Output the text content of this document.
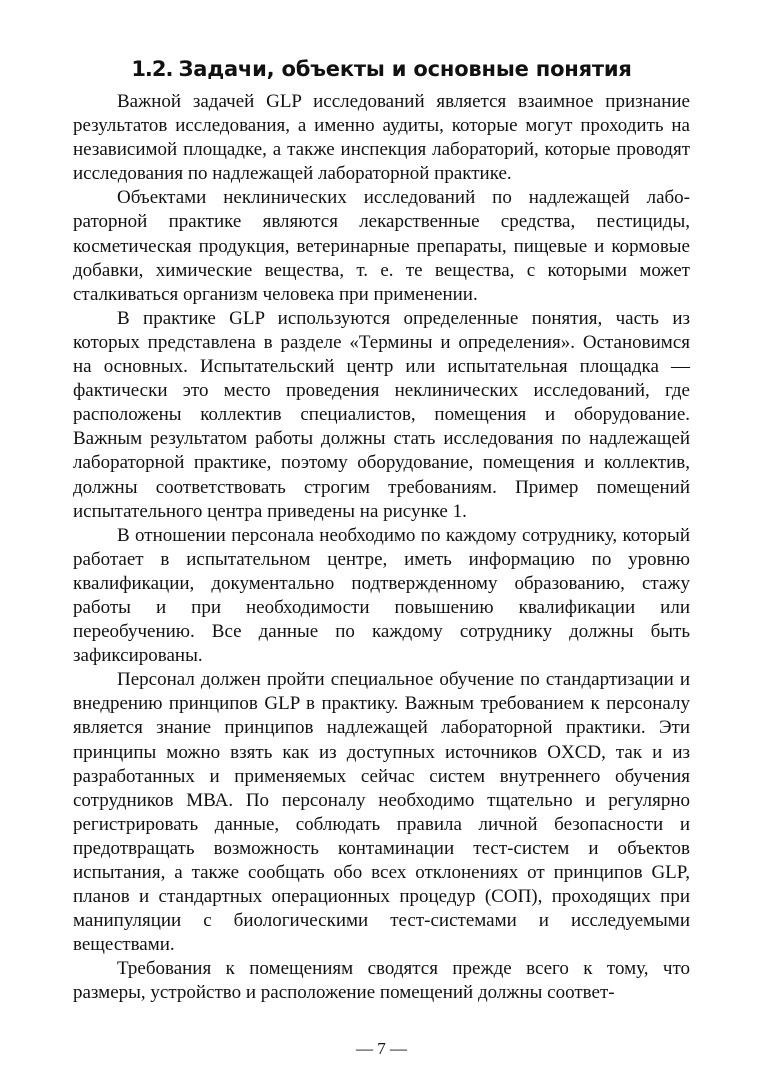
1.2. Задачи, объекты и основные понятия

Важной задачей GLP исследований является взаимное признание результатов исследования, а именно аудиты, которые могут проходить на независимой площадке, а также инспекция лабораторий, которые проводят исследования по надлежащей лабораторной практике.

Объектами неклинических исследований по надлежащей лабораторной практике являются лекарственные средства, пестициды, косметическая продукция, ветеринарные препараты, пищевые и кормовые добавки, химические вещества, т. е. те вещества, с которыми может сталкиваться организм человека при применении.

В практике GLP используются определенные понятия, часть из которых представлена в разделе «Термины и определения». Остановимся на основных. Испытательский центр или испытательная площадка — фактически это место проведения неклинических исследований, где расположены коллектив специалистов, помещения и оборудование. Важным результатом работы должны стать исследования по надлежащей лабораторной практике, поэтому оборудование, помещения и коллектив, должны соответствовать строгим требованиям. Пример помещений испытательного центра приведены на рисунке 1.

В отношении персонала необходимо по каждому сотруднику, который работает в испытательном центре, иметь информацию по уровню квалификации, документально подтвержденному образованию, стажу работы и при необходимости повышению квалификации или переобучению. Все данные по каждому сотруднику должны быть зафиксированы.

Персонал должен пройти специальное обучение по стандартизации и внедрению принципов GLP в практику. Важным требованием к персоналу является знание принципов надлежащей лабораторной практики. Эти принципы можно взять как из доступных источников OXCD, так и из разработанных и применяемых сейчас систем внутреннего обучения сотрудников МВА. По персоналу необходимо тщательно и регулярно регистрировать данные, соблюдать правила личной безопасности и предотвращать возможность контаминации тест-систем и объектов испытания, а также сообщать обо всех отклонениях от принципов GLP, планов и стандартных операционных процедур (СОП), проходящих при манипуляции с биологическими тест-системами и исследуемыми веществами.

Требования к помещениям сводятся прежде всего к тому, что размеры, устройство и расположение помещений должны соответ-

— 7 —
